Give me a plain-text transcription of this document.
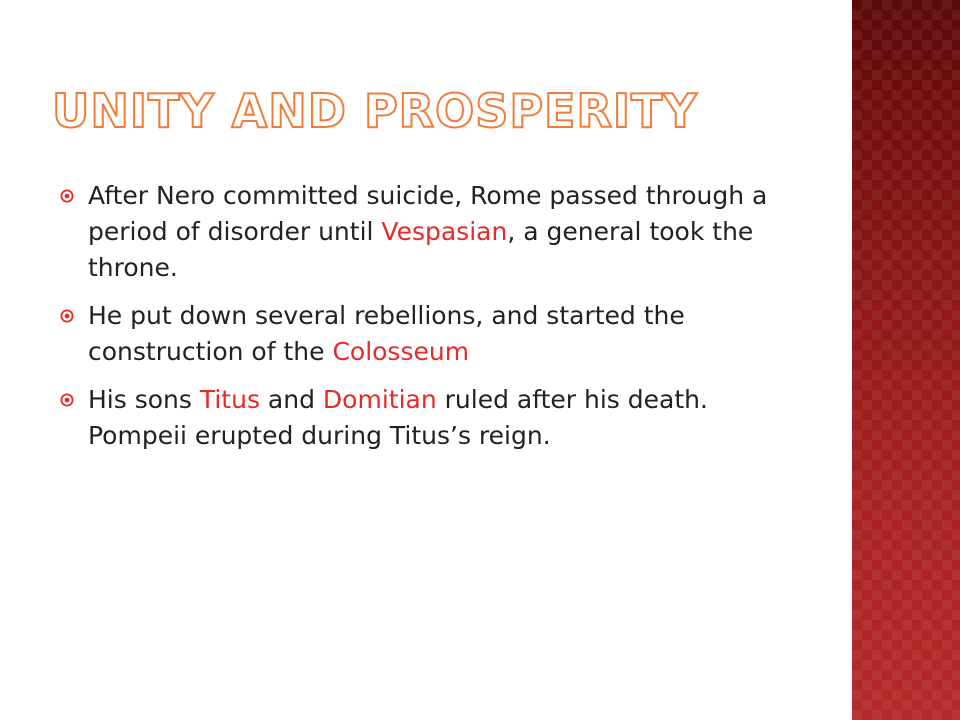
UNITY AND PROSPERITY
After Nero committed suicide, Rome passed through a period of disorder until Vespasian, a general took the throne.
He put down several rebellions, and started the construction of the Colosseum
His sons Titus and Domitian ruled after his death. Pompeii erupted during Titus’s reign.
